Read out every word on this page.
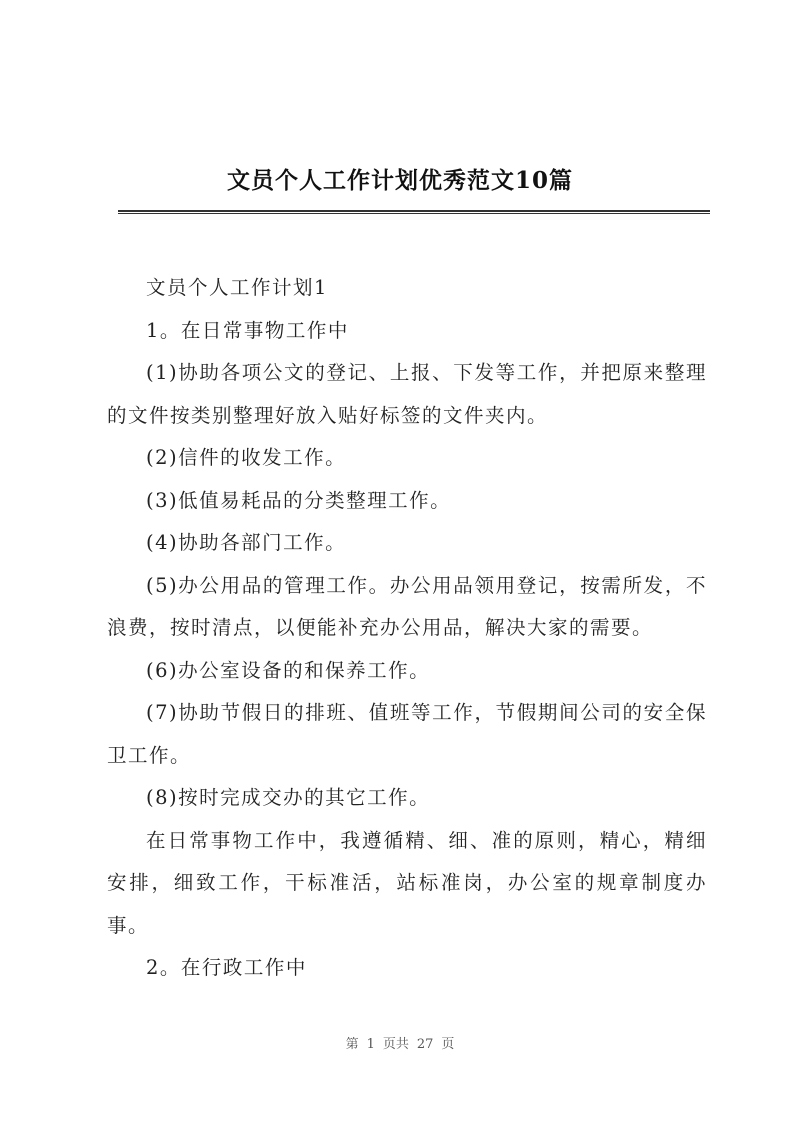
文员个人工作计划优秀范文10篇

文员个人工作计划1

1。在日常事物工作中

(1)协助各项公文的登记、上报、下发等工作，并把原来整理的文件按类别整理好放入贴好标签的文件夹内。

(2)信件的收发工作。

(3)低值易耗品的分类整理工作。

(4)协助各部门工作。

(5)办公用品的管理工作。办公用品领用登记，按需所发，不浪费，按时清点，以便能补充办公用品，解决大家的需要。

(6)办公室设备的和保养工作。

(7)协助节假日的排班、值班等工作，节假期间公司的安全保卫工作。

(8)按时完成交办的其它工作。

在日常事物工作中，我遵循精、细、准的原则，精心，精细安排，细致工作，干标准活，站标准岗，办公室的规章制度办事。

2。在行政工作中

第 1 页共 27 页
